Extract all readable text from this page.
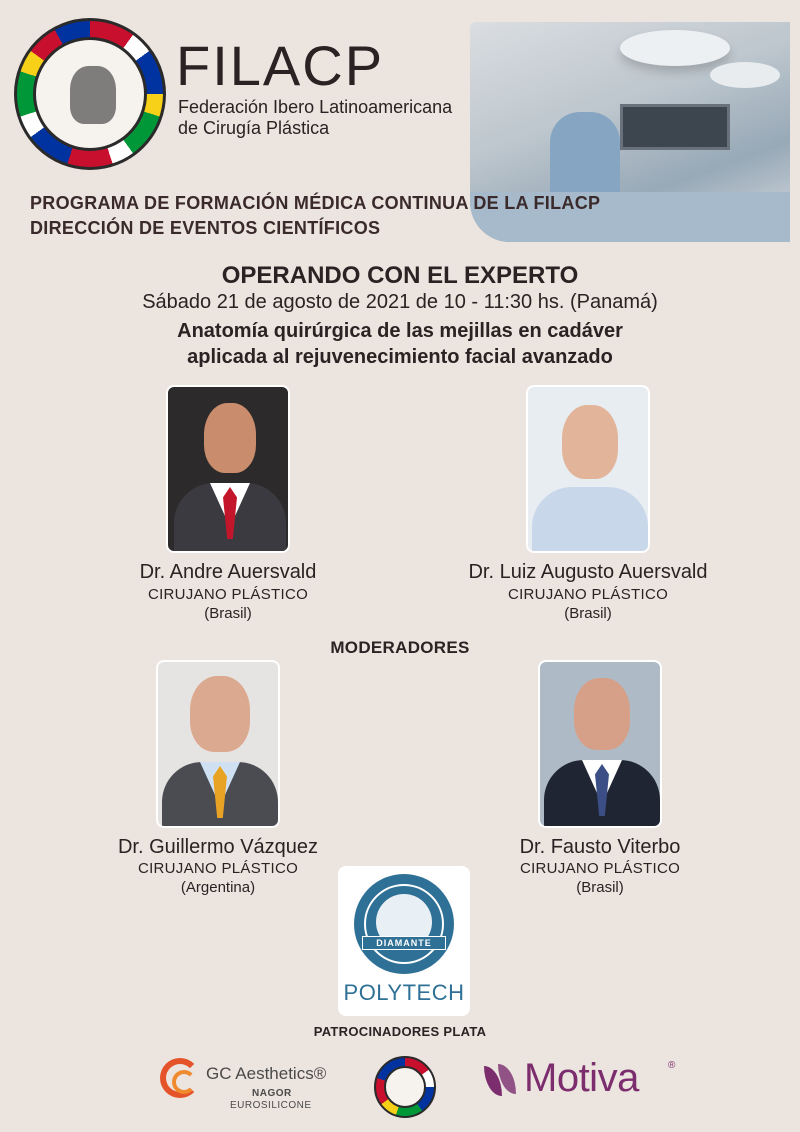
FILACP
Federación Ibero Latinoamericana
de Cirugía Plástica
PROGRAMA DE FORMACIÓN MÉDICA CONTINUA DE LA FILACP
DIRECCIÓN DE EVENTOS CIENTÍFICOS
OPERANDO CON EL EXPERTO
Sábado 21 de agosto de 2021 de 10 - 11:30 hs. (Panamá)
Anatomía quirúrgica de las mejillas en cadáver
aplicada al rejuvenecimiento facial avanzado
Dr. Andre Auersvald
CIRUJANO PLÁSTICO
(Brasil)
Dr. Luiz Augusto Auersvald
CIRUJANO PLÁSTICO
(Brasil)
MODERADORES
Dr. Guillermo Vázquez
CIRUJANO PLÁSTICO
(Argentina)
Dr. Fausto Viterbo
CIRUJANO PLÁSTICO
(Brasil)
DIAMANTE
POLYTECH
PATROCINADORES PLATA
GC Aesthetics®
NAGOR
EUROSILICONE
Motiva	®
